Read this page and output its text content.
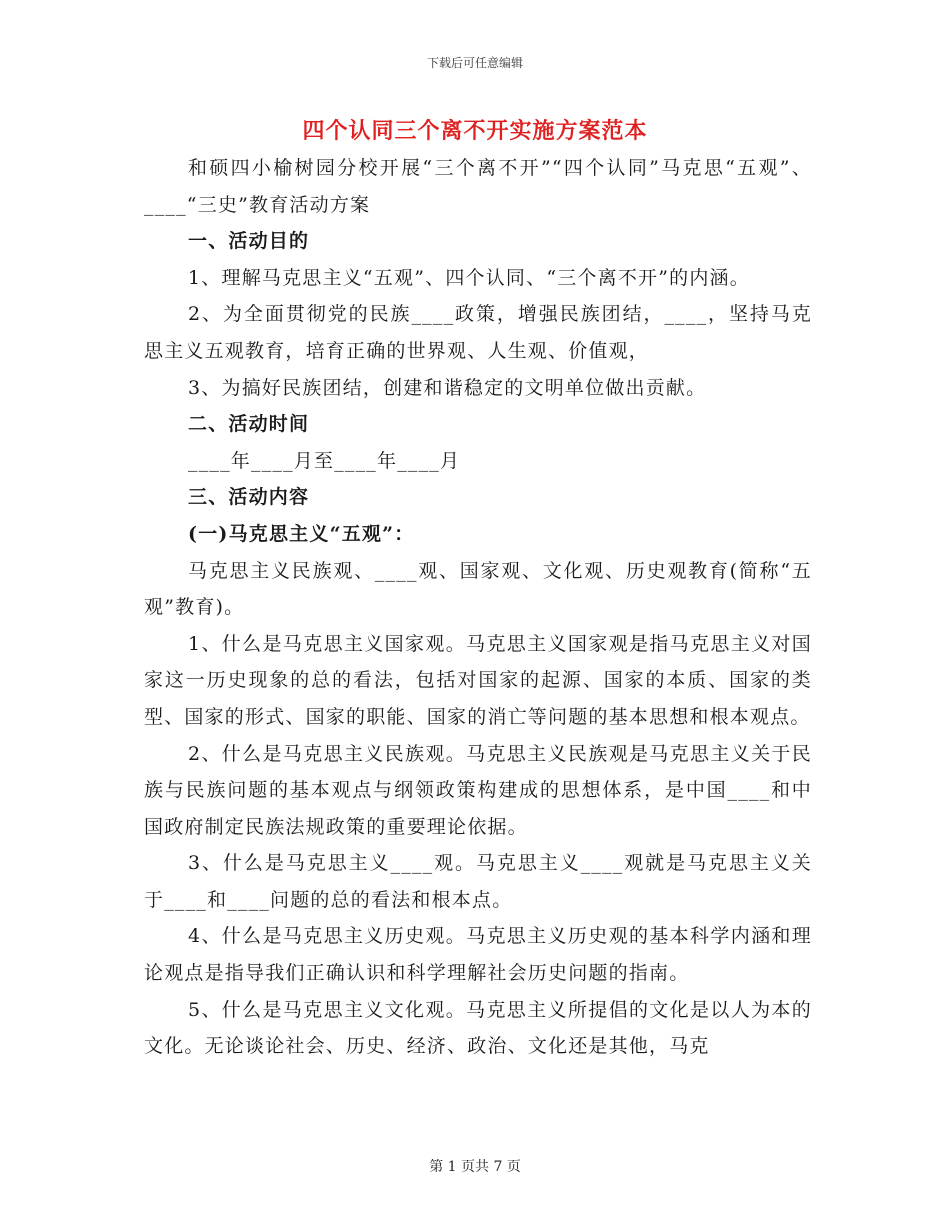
下载后可任意编辑
四个认同三个离不开实施方案范本

和硕四小榆树园分校开展“三个离不开”“四个认同”马克思“五观”、____“三史”教育活动方案

一、活动目的

1、理解马克思主义“五观”、四个认同、“三个离不开”的内涵。

2、为全面贯彻党的民族____政策，增强民族团结，____，坚持马克思主义五观教育，培育正确的世界观、人生观、价值观，

3、为搞好民族团结，创建和谐稳定的文明单位做出贡献。

二、活动时间

____年____月至____年____月

三、活动内容

(一)马克思主义“五观”：

马克思主义民族观、____观、国家观、文化观、历史观教育(简称“五观”教育)。

1、什么是马克思主义国家观。马克思主义国家观是指马克思主义对国家这一历史现象的总的看法，包括对国家的起源、国家的本质、国家的类型、国家的形式、国家的职能、国家的消亡等问题的基本思想和根本观点。

2、什么是马克思主义民族观。马克思主义民族观是马克思主义关于民族与民族问题的基本观点与纲领政策构建成的思想体系，是中国____和中国政府制定民族法规政策的重要理论依据。

3、什么是马克思主义____观。马克思主义____观就是马克思主义关于____和____问题的总的看法和根本点。

4、什么是马克思主义历史观。马克思主义历史观的基本科学内涵和理论观点是指导我们正确认识和科学理解社会历史问题的指南。

5、什么是马克思主义文化观。马克思主义所提倡的文化是以人为本的文化。无论谈论社会、历史、经济、政治、文化还是其他，马克

第 1 页共 7 页
